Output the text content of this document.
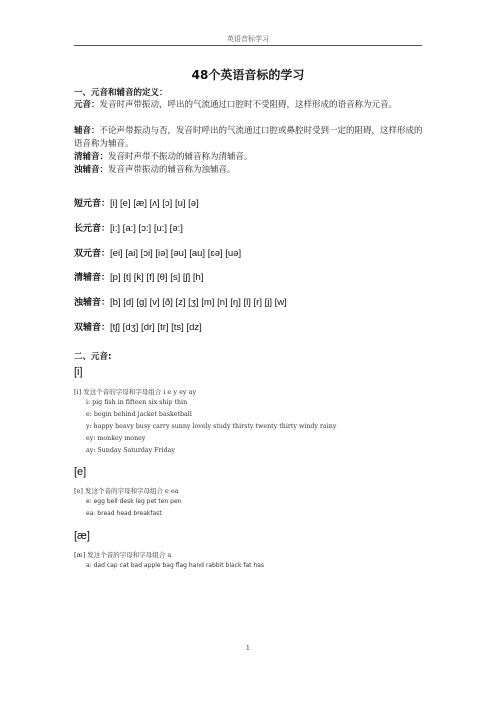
英语音标学习
48个英语音标的学习
一、元音和辅音的定义：
元音：发音时声带振动，呼出的气流通过口腔时不受阻碍，这样形成的语音称为元音。
辅音：不论声带振动与否，发音时呼出的气流通过口腔或鼻腔时受到一定的阻碍，这样形成的语音称为辅音。
清辅音：发音时声带不振动的辅音称为清辅音。
浊辅音：发音声带振动的辅音称为浊辅音。
短元音：[i] [e] [æ] [ʌ] [ɔ] [u] [ə]
长元音：[i:] [a:] [ɔ:] [u:] [ə:]
双元音：[ei] [ai] [ɔi] [iə] [əu] [au] [ɛə] [uə]
清辅音：[p] [t] [k] [f] [θ] [s] [ʃ] [h]
浊辅音：[b] [d] [g] [v] [ð] [z] [ʒ] [m] [n] [ŋ] [l] [r] [j] [w]
双辅音：[tʃ] [dʒ] [dr] [tr] [ts] [dz]
二、元音:
[i]
[i] 发这个音的字母和字母组合 i e y ey ay
i: pig fish in fifteen six ship thin
e: begin behind jacket basketball
y: happy heavy busy carry sunny lovely study thirsty twenty thirty windy rainy
ey: monkey money
ay: Sunday Saturday Friday
[e]
[e] 发这个音的字母和字母组合 e ea
e: egg bell desk leg pet ten pen
ea: bread head breakfast
[æ]
[æ] 发这个音的字母和字母组合 a
a: dad cap cat bad apple bag flag hand rabbit black fat has
1
